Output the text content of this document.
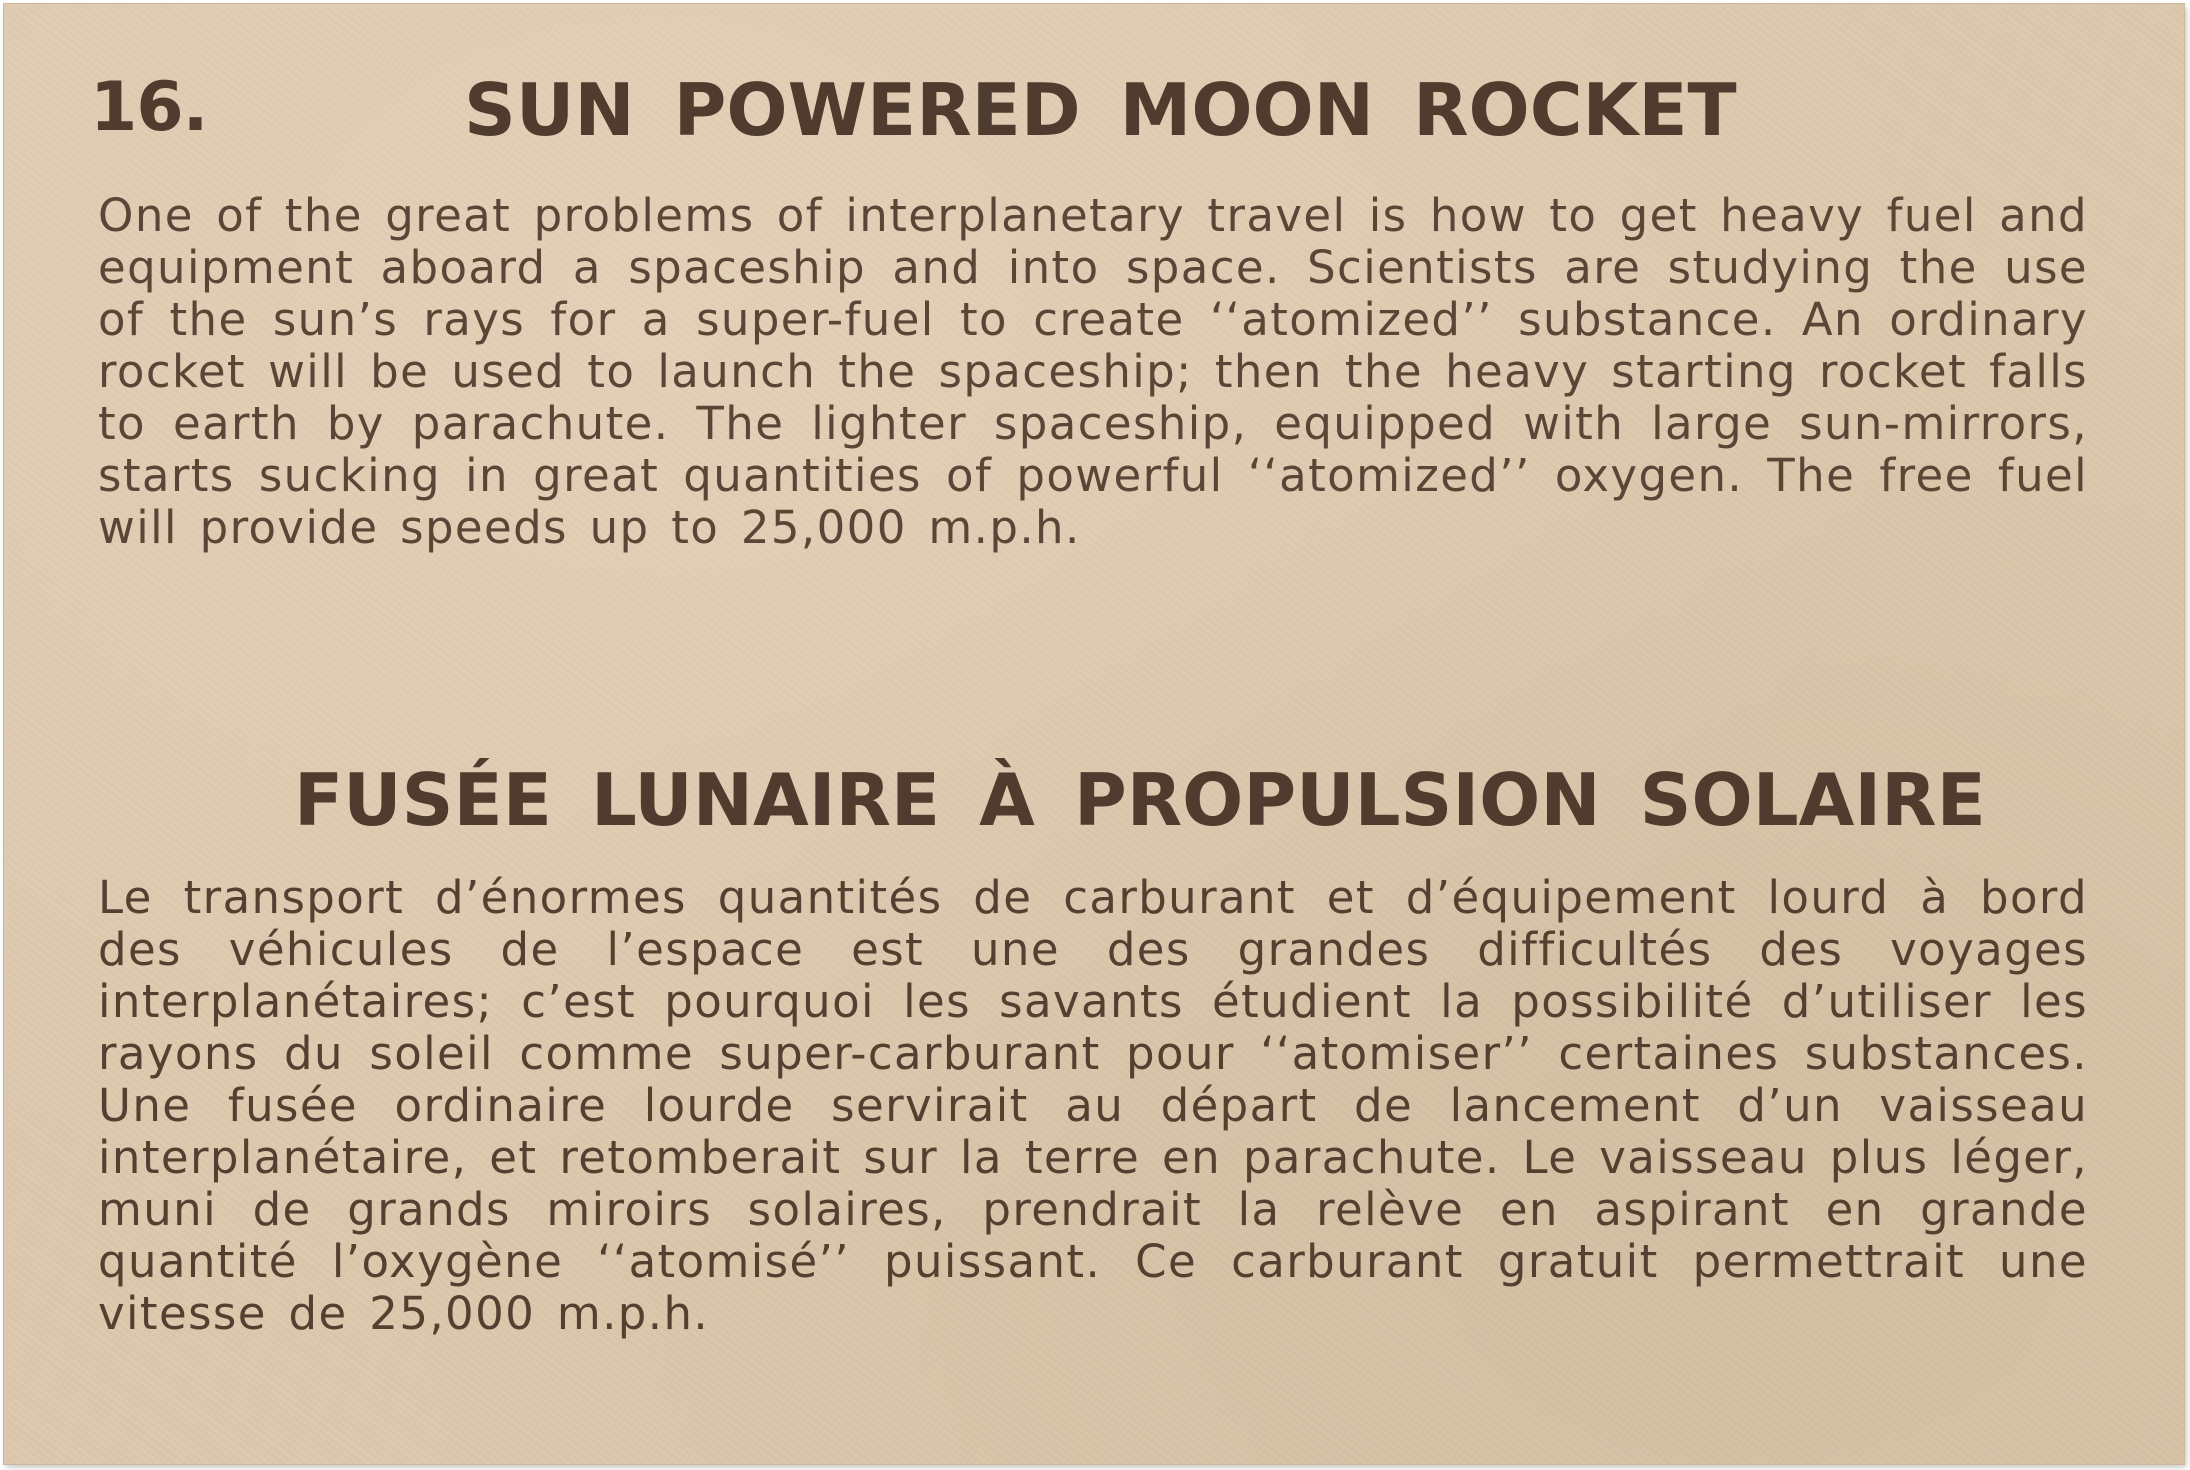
16.	SUN POWERED MOON ROCKET
One of the great problems of interplanetary travel is how to get heavy fuel and equipment aboard a spaceship and into space. Scientists are studying the use of the sun’s rays for a super-fuel to create ‘‘atomized’’ substance. An ordinary rocket will be used to launch the spaceship; then the heavy starting rocket falls to earth by parachute. The lighter spaceship, equipped with large sun-mirrors, starts sucking in great quantities of powerful ‘‘atomized’’ oxygen. The free fuel will provide speeds up to 25,000 m.p.h.
FUSÉE LUNAIRE À PROPULSION SOLAIRE
Le transport d’énormes quantités de carburant et d’équipement lourd à bord des véhicules de l’espace est une des grandes difficultés des voyages interplanétaires; c’est pourquoi les savants étudient la possibilité d’utiliser les rayons du soleil comme super-carburant pour ‘‘atomiser’’ certaines substances. Une fusée ordinaire lourde servirait au départ de lancement d’un vaisseau interplanétaire, et retomberait sur la terre en parachute. Le vaisseau plus léger, muni de grands miroirs solaires, prendrait la relève en aspirant en grande quantité l’oxygène ‘‘atomisé’’ puissant. Ce carburant gratuit permettrait une vitesse de 25,000 m.p.h.
